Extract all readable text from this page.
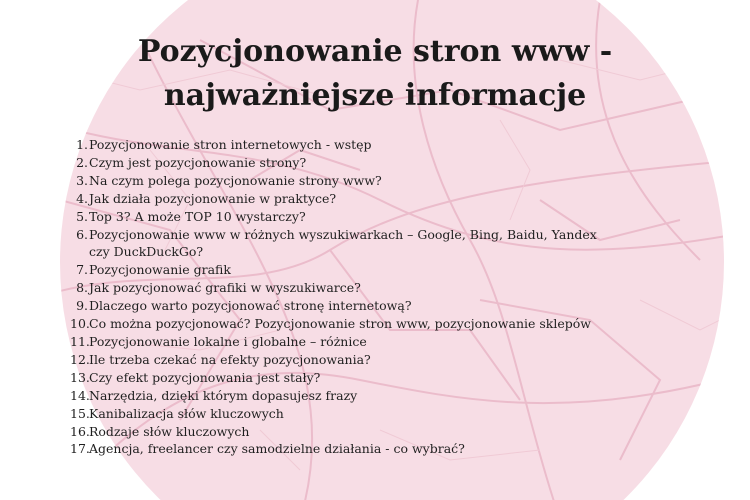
Pozycjonowanie stron www -
najważniejsze informacje
1. Pozycjonowanie stron internetowych - wstęp
2. Czym jest pozycjonowanie strony?
3. Na czym polega pozycjonowanie strony www?
4. Jak działa pozycjonowanie w praktyce?
5. Top 3? A może TOP 10 wystarczy?
6. Pozycjonowanie www w różnych wyszukiwarkach – Google, Bing, Baidu, Yandex
czy DuckDuckGo?
7. Pozycjonowanie grafik
8. Jak pozycjonować grafiki w wyszukiwarce?
9. Dlaczego warto pozycjonować stronę internetową?
10. Co można pozycjonować? Pozycjonowanie stron www, pozycjonowanie sklepów
11. Pozycjonowanie lokalne i globalne – różnice
12. Ile trzeba czekać na efekty pozycjonowania?
13. Czy efekt pozycjonowania jest stały?
14. Narzędzia, dzięki którym dopasujesz frazy
15. Kanibalizacja słów kluczowych
16. Rodzaje słów kluczowych
17. Agencja, freelancer czy samodzielne działania - co wybrać?
